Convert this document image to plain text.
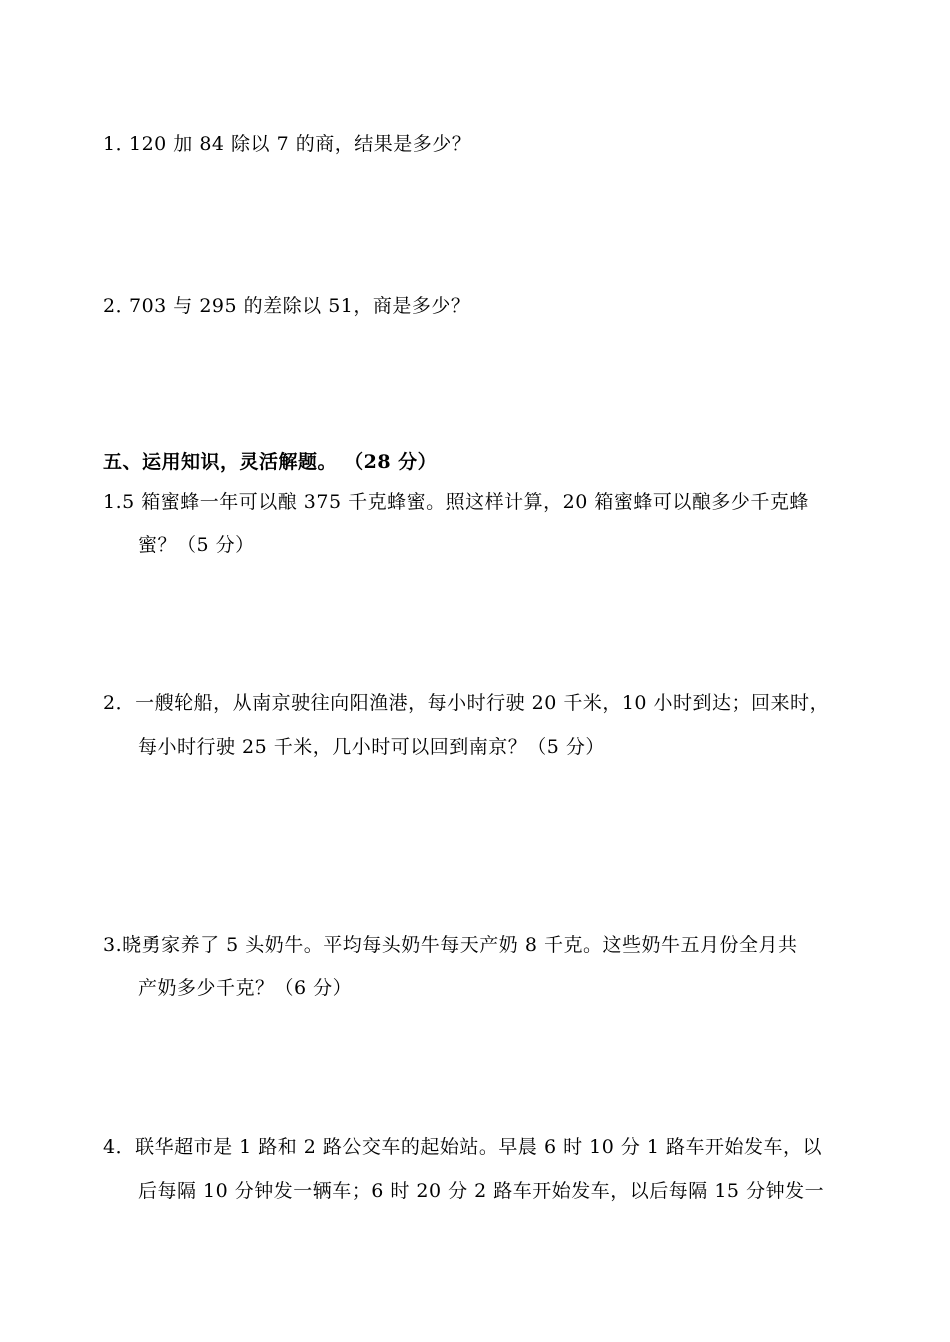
1．120 加 84 除以 7 的商，结果是多少？
2．703 与 295 的差除以 51，商是多少？
五、运用知识，灵活解题。 （28 分）
1.5 箱蜜蜂一年可以酿 375 千克蜂蜜。照这样计算，20 箱蜜蜂可以酿多少千克蜂
蜜？（5 分）
2．一艘轮船，从南京驶往向阳渔港，每小时行驶 20 千米，10 小时到达；回来时，
每小时行驶 25 千米，几小时可以回到南京？（5 分）
3.晓勇家养了 5 头奶牛。平均每头奶牛每天产奶 8 千克。这些奶牛五月份全月共
产奶多少千克？（6 分）
4．联华超市是 1 路和 2 路公交车的起始站。早晨 6 时 10 分 1 路车开始发车，以
后每隔 10 分钟发一辆车；6 时 20 分 2 路车开始发车，以后每隔 15 分钟发一
